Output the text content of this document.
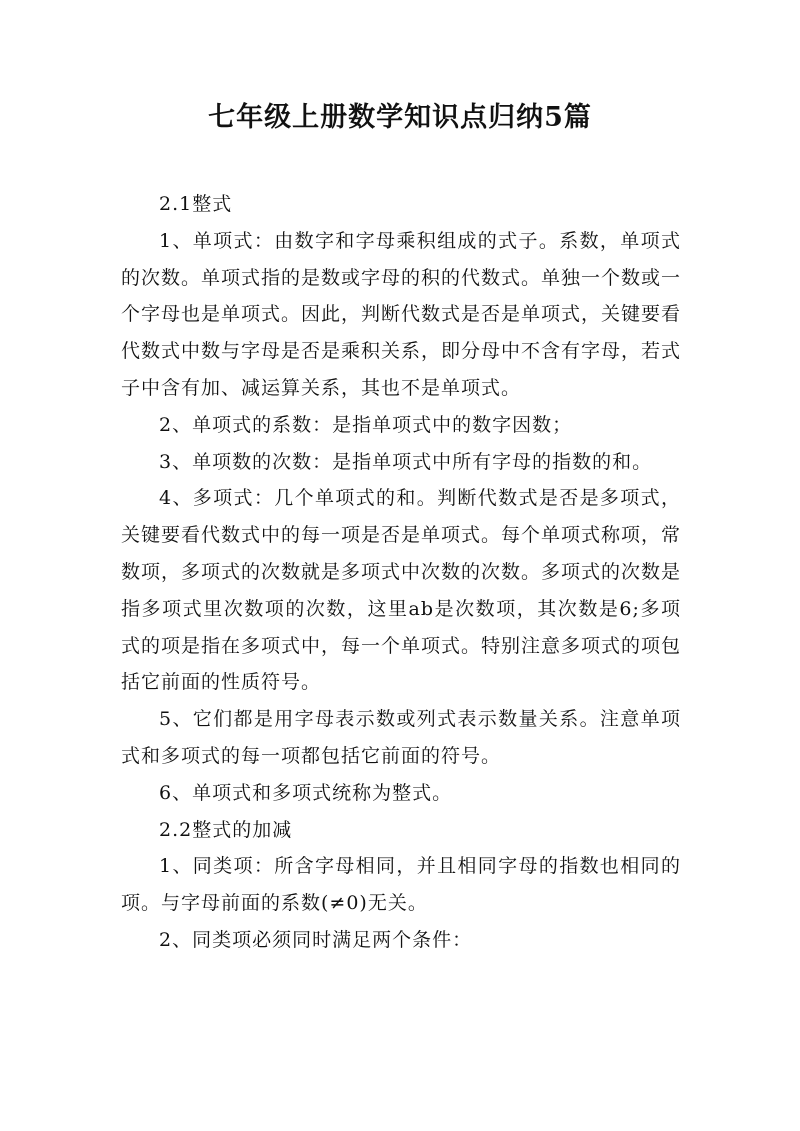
七年级上册数学知识点归纳5篇

2.1整式

1、单项式：由数字和字母乘积组成的式子。系数，单项式的次数。单项式指的是数或字母的积的代数式。单独一个数或一个字母也是单项式。因此，判断代数式是否是单项式，关键要看代数式中数与字母是否是乘积关系，即分母中不含有字母，若式子中含有加、减运算关系，其也不是单项式。

2、单项式的系数：是指单项式中的数字因数；

3、单项数的次数：是指单项式中所有字母的指数的和。

4、多项式：几个单项式的和。判断代数式是否是多项式，关键要看代数式中的每一项是否是单项式。每个单项式称项，常数项，多项式的次数就是多项式中次数的次数。多项式的次数是指多项式里次数项的次数，这里ab是次数项，其次数是6;多项式的项是指在多项式中，每一个单项式。特别注意多项式的项包括它前面的性质符号。

5、它们都是用字母表示数或列式表示数量关系。注意单项式和多项式的每一项都包括它前面的符号。

6、单项式和多项式统称为整式。

2.2整式的加减

1、同类项：所含字母相同，并且相同字母的指数也相同的项。与字母前面的系数(≠0)无关。

2、同类项必须同时满足两个条件：
